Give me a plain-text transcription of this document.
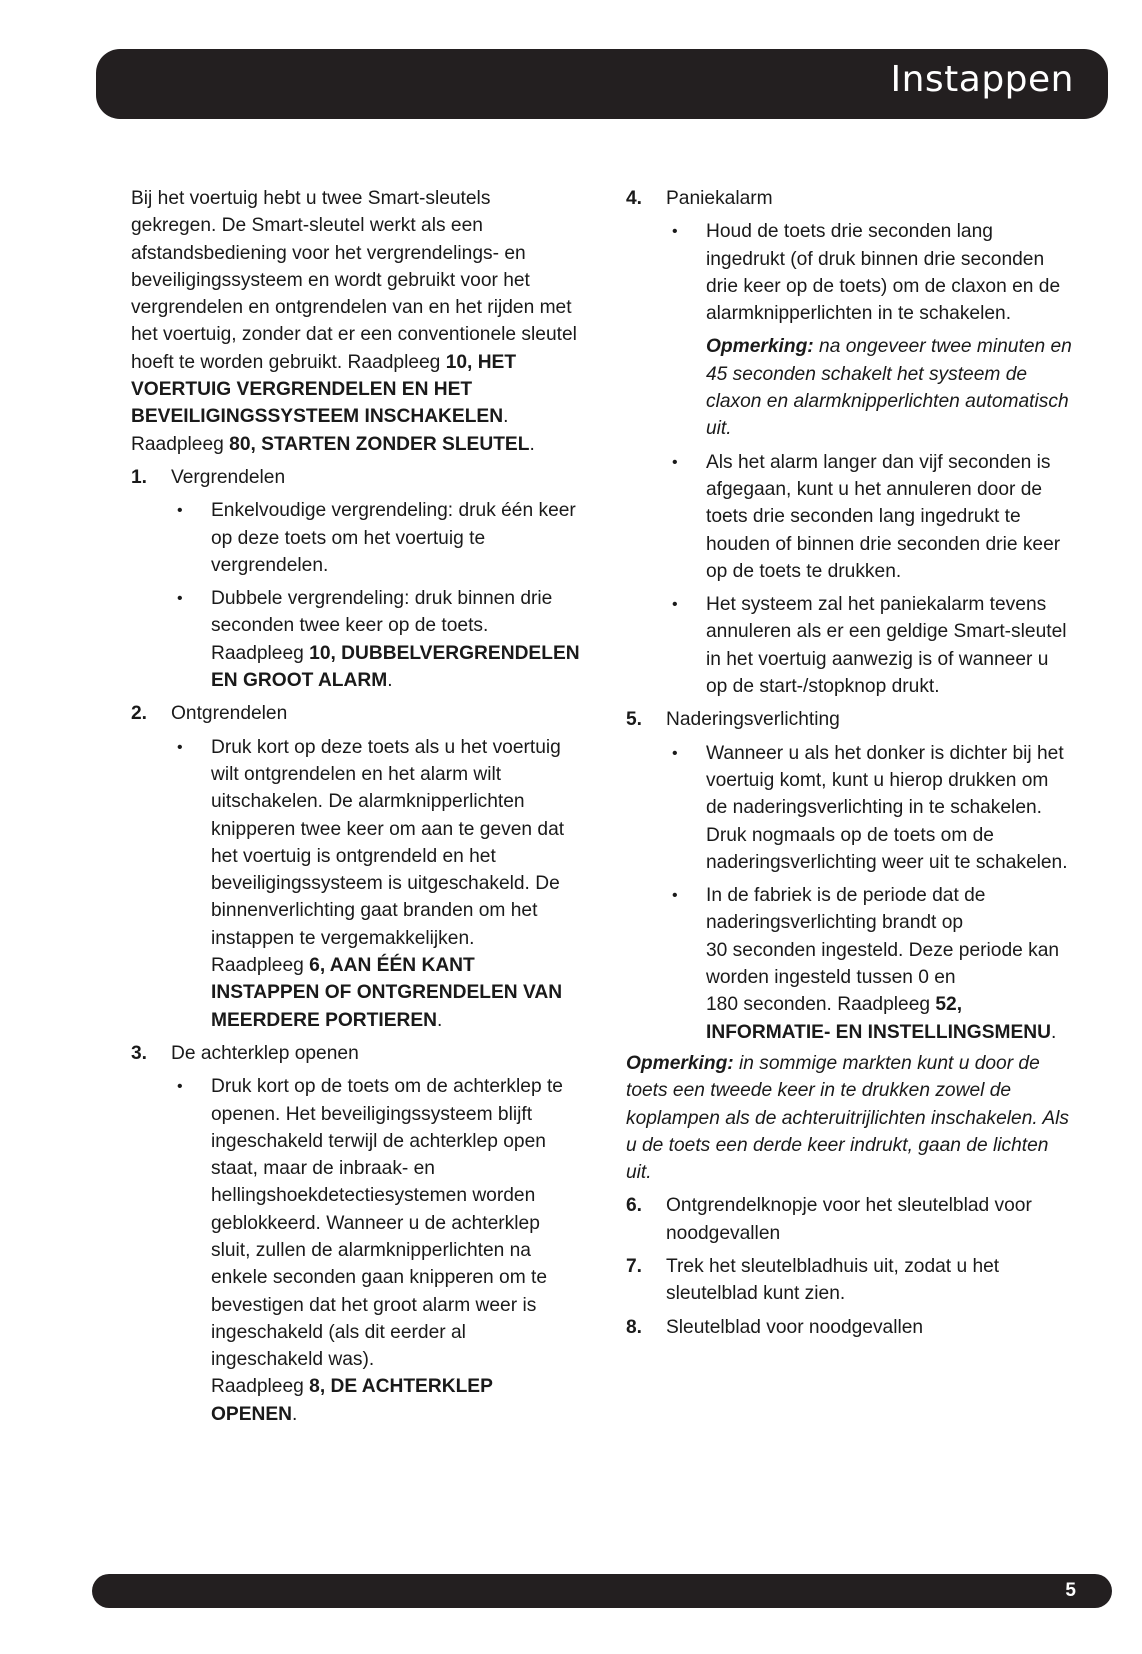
Instappen

Bij het voertuig hebt u twee Smart-sleutels gekregen. De Smart-sleutel werkt als een afstandsbediening voor het vergrendelings- en beveiligingssysteem en wordt gebruikt voor het vergrendelen en ontgrendelen van en het rijden met het voertuig, zonder dat er een conventionele sleutel hoeft te worden gebruikt. Raadpleeg 10, HET VOERTUIG VERGRENDELEN EN HET BEVEILIGINGSSYSTEEM INSCHAKELEN. Raadpleeg 80, STARTEN ZONDER SLEUTEL.

1. Vergrendelen
• Enkelvoudige vergrendeling: druk één keer op deze toets om het voertuig te vergrendelen.
• Dubbele vergrendeling: druk binnen drie seconden twee keer op de toets.
Raadpleeg 10, DUBBELVERGRENDELEN EN GROOT ALARM.
2. Ontgrendelen
• Druk kort op deze toets als u het voertuig wilt ontgrendelen en het alarm wilt uitschakelen. De alarmknipperlichten knipperen twee keer om aan te geven dat het voertuig is ontgrendeld en het beveiligingssysteem is uitgeschakeld. De binnenverlichting gaat branden om het instappen te vergemakkelijken.
Raadpleeg 6, AAN ÉÉN KANT INSTAPPEN OF ONTGRENDELEN VAN MEERDERE PORTIEREN.
3. De achterklep openen
• Druk kort op de toets om de achterklep te openen. Het beveiligingssysteem blijft ingeschakeld terwijl de achterklep open staat, maar de inbraak- en hellingshoekdetectiesystemen worden geblokkeerd. Wanneer u de achterklep sluit, zullen de alarmknipperlichten na enkele seconden gaan knipperen om te bevestigen dat het groot alarm weer is ingeschakeld (als dit eerder al ingeschakeld was).
Raadpleeg 8, DE ACHTERKLEP OPENEN.
4. Paniekalarm
• Houd de toets drie seconden lang ingedrukt (of druk binnen drie seconden drie keer op de toets) om de claxon en de alarmknipperlichten in te schakelen.

Opmerking: na ongeveer twee minuten en 45 seconden schakelt het systeem de claxon en alarmknipperlichten automatisch uit.

• Als het alarm langer dan vijf seconden is afgegaan, kunt u het annuleren door de toets drie seconden lang ingedrukt te houden of binnen drie seconden drie keer op de toets te drukken.
• Het systeem zal het paniekalarm tevens annuleren als er een geldige Smart-sleutel in het voertuig aanwezig is of wanneer u op de start-/stopknop drukt.
5. Naderingsverlichting
• Wanneer u als het donker is dichter bij het voertuig komt, kunt u hierop drukken om de naderingsverlichting in te schakelen.
Druk nogmaals op de toets om de naderingsverlichting weer uit te schakelen.
• In de fabriek is de periode dat de naderingsverlichting brandt op
30 seconden ingesteld. Deze periode kan worden ingesteld tussen 0 en
180 seconden. Raadpleeg 52, INFORMATIE- EN INSTELLINGSMENU.

Opmerking: in sommige markten kunt u door de toets een tweede keer in te drukken zowel de koplampen als de achteruitrijlichten inschakelen. Als u de toets een derde keer indrukt, gaan de lichten uit.

6. Ontgrendelknopje voor het sleutelblad voor noodgevallen
7. Trek het sleutelbladhuis uit, zodat u het sleutelblad kunt zien.
8. Sleutelblad voor noodgevallen
5
